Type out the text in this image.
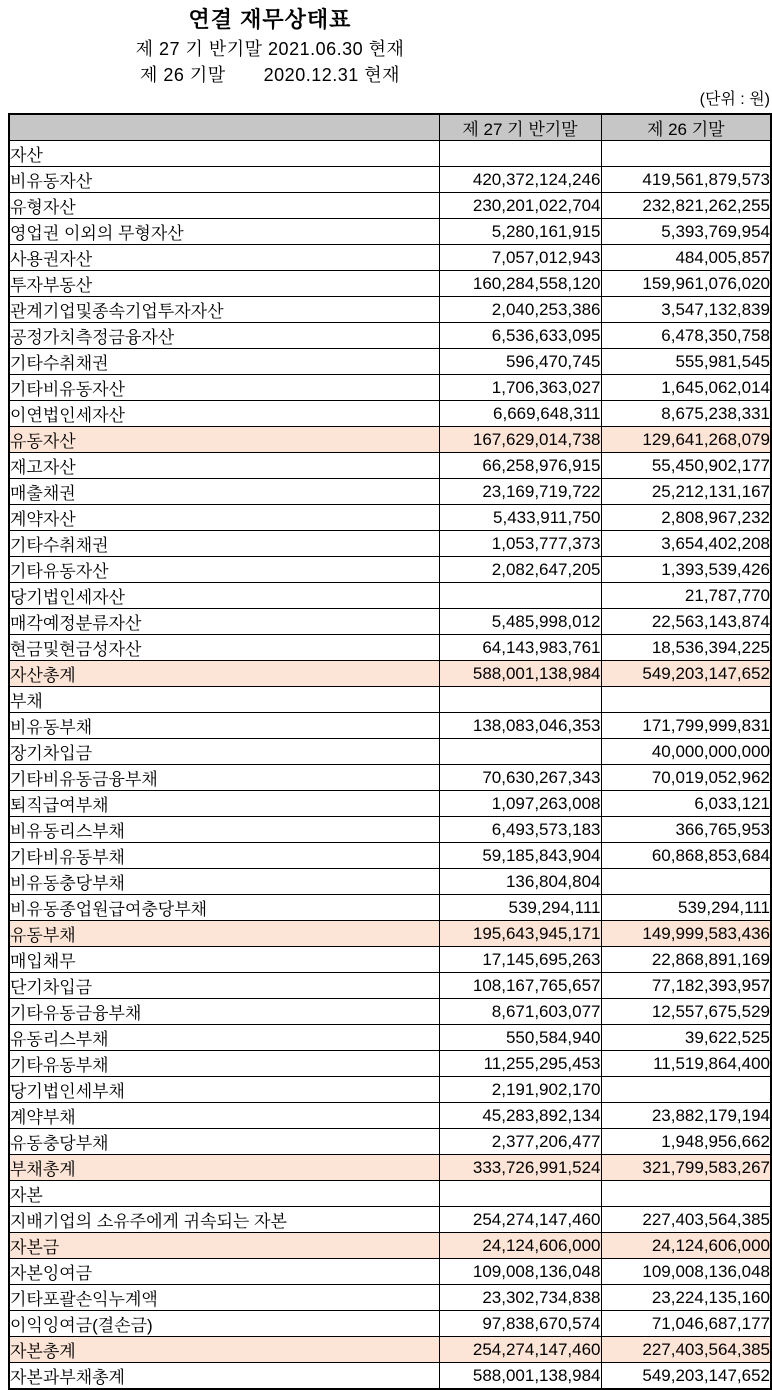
연결 재무상태표
제 27 기 반기말 2021.06.30 현재
제 26 기말 2020.12.31 현재
(단위 : 원)
	제 27 기 반기말	제 26 기말
자산		
비유동자산	420,372,124,246	419,561,879,573
유형자산	230,201,022,704	232,821,262,255
영업권 이외의 무형자산	5,280,161,915	5,393,769,954
사용권자산	7,057,012,943	484,005,857
투자부동산	160,284,558,120	159,961,076,020
관계기업및종속기업투자자산	2,040,253,386	3,547,132,839
공정가치측정금융자산	6,536,633,095	6,478,350,758
기타수취채권	596,470,745	555,981,545
기타비유동자산	1,706,363,027	1,645,062,014
이연법인세자산	6,669,648,311	8,675,238,331
유동자산	167,629,014,738	129,641,268,079
재고자산	66,258,976,915	55,450,902,177
매출채권	23,169,719,722	25,212,131,167
계약자산	5,433,911,750	2,808,967,232
기타수취채권	1,053,777,373	3,654,402,208
기타유동자산	2,082,647,205	1,393,539,426
당기법인세자산		21,787,770
매각예정분류자산	5,485,998,012	22,563,143,874
현금및현금성자산	64,143,983,761	18,536,394,225
자산총계	588,001,138,984	549,203,147,652
부채		
비유동부채	138,083,046,353	171,799,999,831
장기차입금		40,000,000,000
기타비유동금융부채	70,630,267,343	70,019,052,962
퇴직급여부채	1,097,263,008	6,033,121
비유동리스부채	6,493,573,183	366,765,953
기타비유동부채	59,185,843,904	60,868,853,684
비유동충당부채	136,804,804	
비유동종업원급여충당부채	539,294,111	539,294,111
유동부채	195,643,945,171	149,999,583,436
매입채무	17,145,695,263	22,868,891,169
단기차입금	108,167,765,657	77,182,393,957
기타유동금융부채	8,671,603,077	12,557,675,529
유동리스부채	550,584,940	39,622,525
기타유동부채	11,255,295,453	11,519,864,400
당기법인세부채	2,191,902,170	
계약부채	45,283,892,134	23,882,179,194
유동충당부채	2,377,206,477	1,948,956,662
부채총계	333,726,991,524	321,799,583,267
자본		
지배기업의 소유주에게 귀속되는 자본	254,274,147,460	227,403,564,385
자본금	24,124,606,000	24,124,606,000
자본잉여금	109,008,136,048	109,008,136,048
기타포괄손익누계액	23,302,734,838	23,224,135,160
이익잉여금(결손금)	97,838,670,574	71,046,687,177
자본총계	254,274,147,460	227,403,564,385
자본과부채총계	588,001,138,984	549,203,147,652
